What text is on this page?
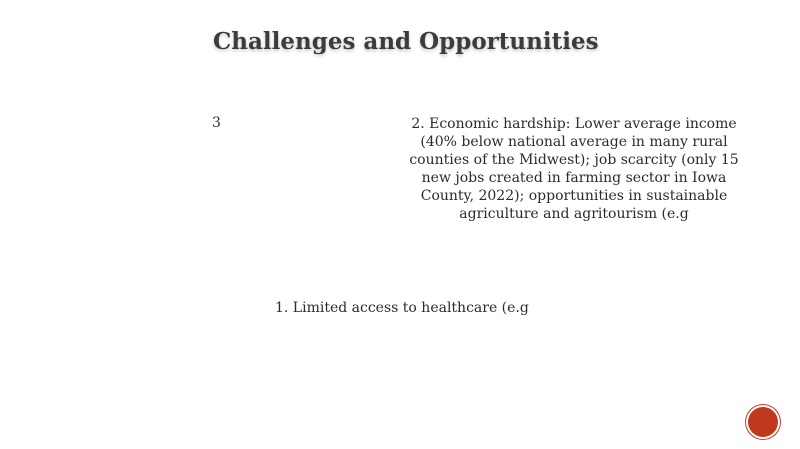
Challenges and Opportunities
3	2. Economic hardship: Lower average income (40% below national average in many rural counties of the Midwest); job scarcity (only 15 new jobs created in farming sector in Iowa County, 2022); opportunities in sustainable agriculture and agritourism (e.g
1. Limited access to healthcare (e.g
